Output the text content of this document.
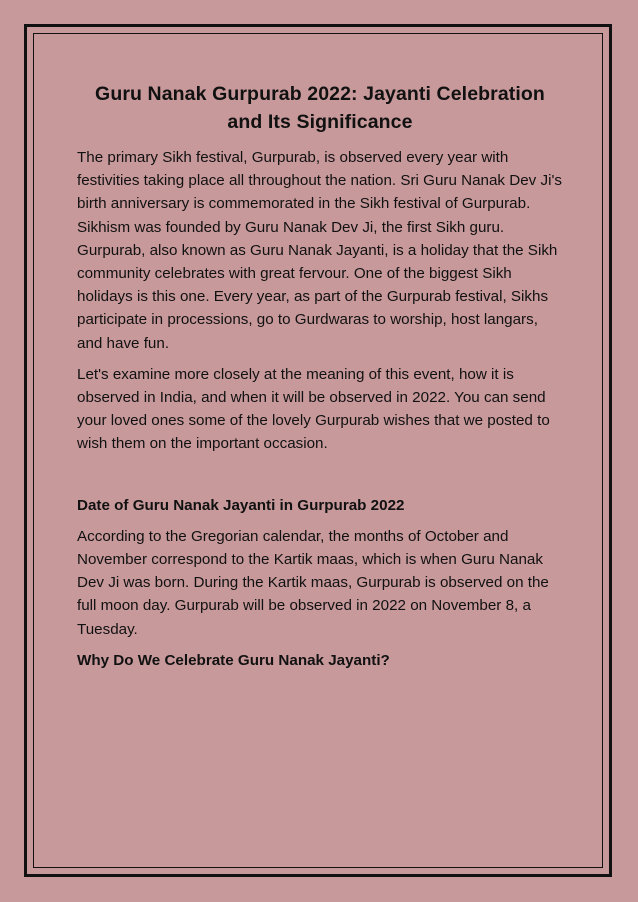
Guru Nanak Gurpurab 2022: Jayanti Celebration and Its Significance

The primary Sikh festival, Gurpurab, is observed every year with festivities taking place all throughout the nation. Sri Guru Nanak Dev Ji's birth anniversary is commemorated in the Sikh festival of Gurpurab. Sikhism was founded by Guru Nanak Dev Ji, the first Sikh guru. Gurpurab, also known as Guru Nanak Jayanti, is a holiday that the Sikh community celebrates with great fervour. One of the biggest Sikh holidays is this one. Every year, as part of the Gurpurab festival, Sikhs participate in processions, go to Gurdwaras to worship, host langars, and have fun.

Let's examine more closely at the meaning of this event, how it is observed in India, and when it will be observed in 2022. You can send your loved ones some of the lovely Gurpurab wishes that we posted to wish them on the important occasion.

Date of Guru Nanak Jayanti in Gurpurab 2022

According to the Gregorian calendar, the months of October and November correspond to the Kartik maas, which is when Guru Nanak Dev Ji was born. During the Kartik maas, Gurpurab is observed on the full moon day. Gurpurab will be observed in 2022 on November 8, a Tuesday.

Why Do We Celebrate Guru Nanak Jayanti?
